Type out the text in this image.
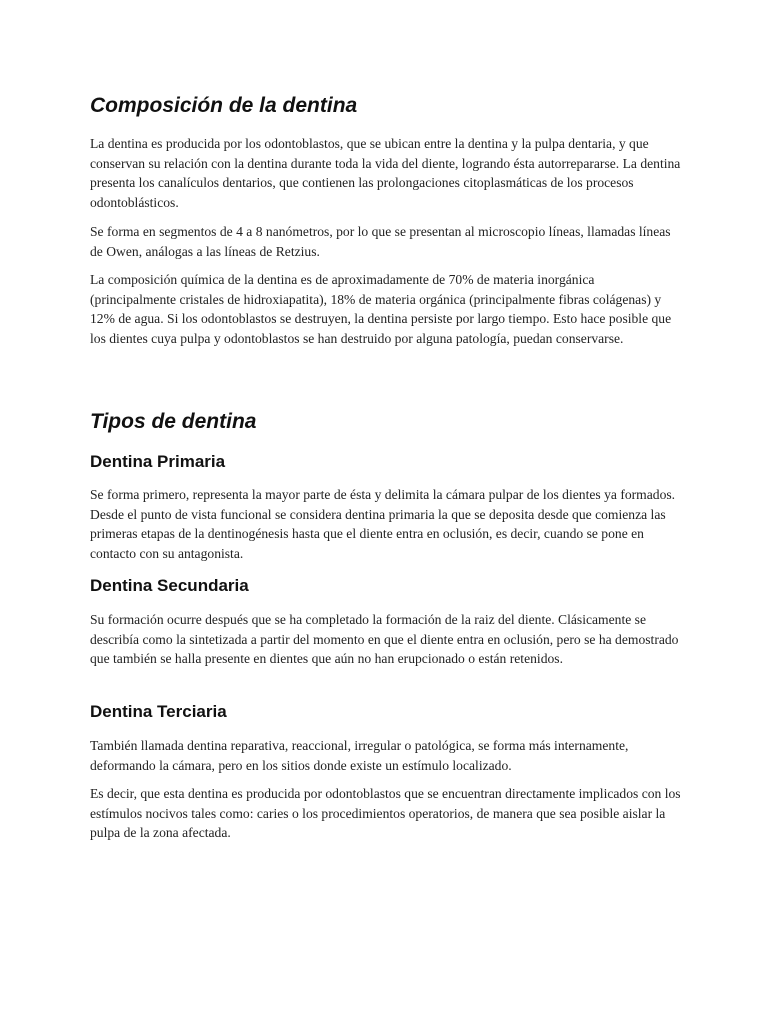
Composición de la dentina

La dentina es producida por los odontoblastos, que se ubican entre la dentina y la pulpa dentaria, y que conservan su relación con la dentina durante toda la vida del diente, logrando ésta autorrepararse. La dentina presenta los canalículos dentarios, que contienen las prolongaciones citoplasmáticas de los procesos odontoblásticos.

Se forma en segmentos de 4 a 8 nanómetros, por lo que se presentan al microscopio líneas, llamadas líneas de Owen, análogas a las líneas de Retzius.

La composición química de la dentina es de aproximadamente de 70% de materia inorgánica (principalmente cristales de hidroxiapatita), 18% de materia orgánica (principalmente fibras colágenas) y 12% de agua. Si los odontoblastos se destruyen, la dentina persiste por largo tiempo. Esto hace posible que los dientes cuya pulpa y odontoblastos se han destruido por alguna patología, puedan conservarse.

Tipos de dentina
Dentina Primaria

Se forma primero, representa la mayor parte de ésta y delimita la cámara pulpar de los dientes ya formados. Desde el punto de vista funcional se considera dentina primaria la que se deposita desde que comienza las primeras etapas de la dentinogénesis hasta que el diente entra en oclusión, es decir, cuando se pone en contacto con su antagonista.

Dentina Secundaria

Su formación ocurre después que se ha completado la formación de la raiz del diente. Clásicamente se describía como la sintetizada a partir del momento en que el diente entra en oclusión, pero se ha demostrado que también se halla presente en dientes que aún no han erupcionado o están retenidos.

Dentina Terciaria

También llamada dentina reparativa, reaccional, irregular o patológica, se forma más internamente, deformando la cámara, pero en los sitios donde existe un estímulo localizado.

Es decir, que esta dentina es producida por odontoblastos que se encuentran directamente implicados con los estímulos nocivos tales como: caries o los procedimientos operatorios, de manera que sea posible aislar la pulpa de la zona afectada.
